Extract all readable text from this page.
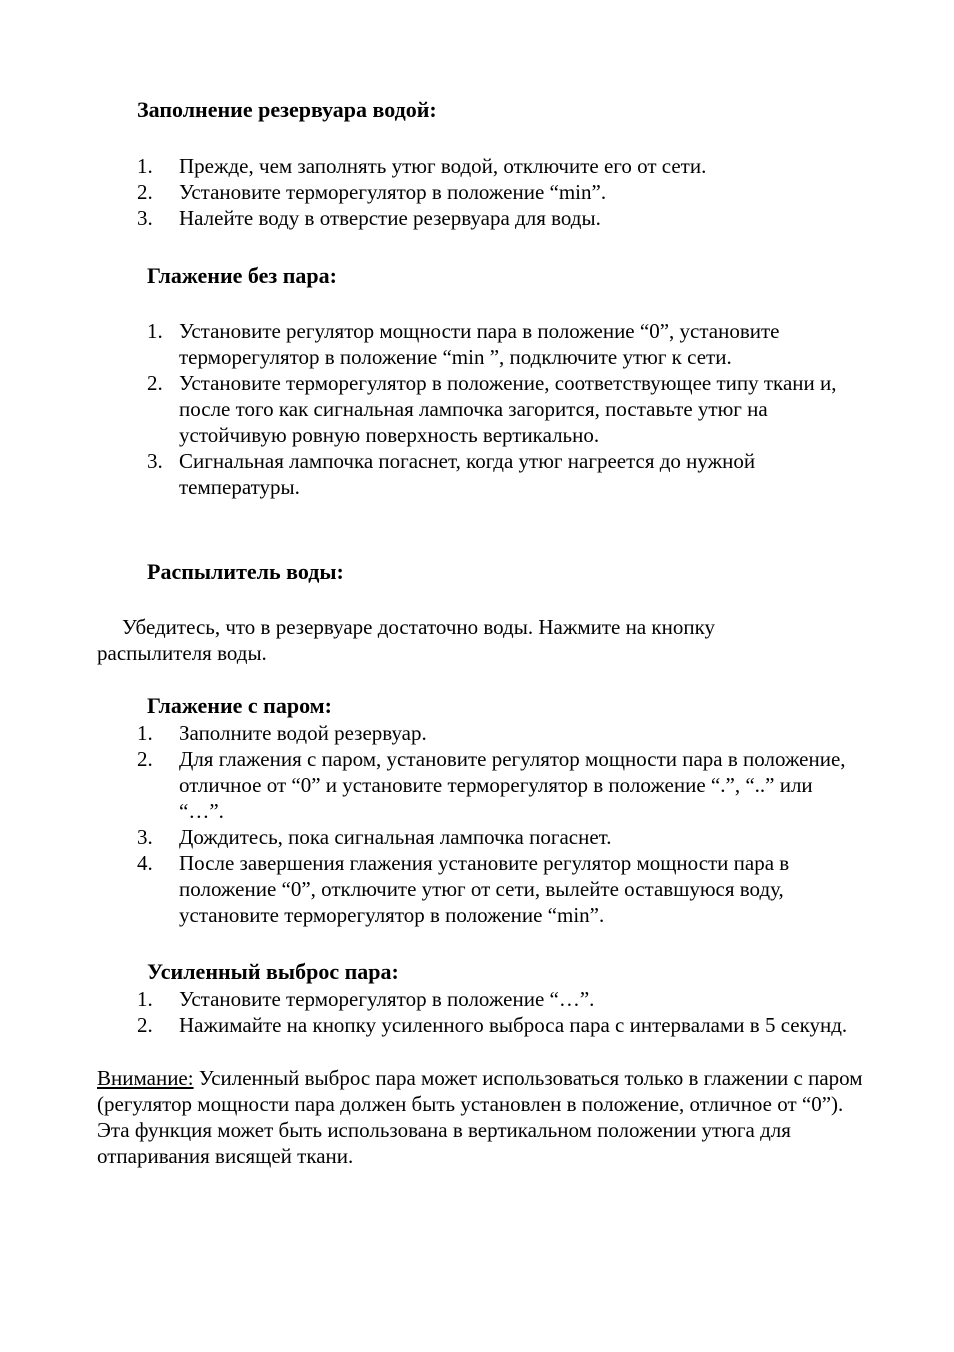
Заполнение резервуара водой:
1.	Прежде, чем заполнять утюг водой, отключите его от сети.
2.	Установите терморегулятор в положение “min”.
3.	Налейте воду в отверстие резервуара для воды.
Глажение без пара:
1. Установите регулятор мощности пара в положение “0”, установите терморегулятор в положение “min ”, подключите утюг к сети.
2. Установите терморегулятор в положение, соответствующее типу ткани и, после того как сигнальная лампочка загорится, поставьте утюг на устойчивую ровную поверхность вертикально.
3. Сигнальная лампочка погаснет, когда утюг нагреется до нужной температуры.
Распылитель воды:

Убедитесь, что в резервуаре достаточно воды. Нажмите на кнопку распылителя воды.

Глажение с паром:
1.	Заполните водой резервуар.
2.	Для глажения с паром, установите регулятор мощности пара в положение, отличное от “0” и установите терморегулятор в положение “.”, “..” или “…”.
3.	Дождитесь, пока сигнальная лампочка погаснет.
4.	После завершения глажения установите регулятор мощности пара в положение “0”, отключите утюг от сети, вылейте оставшуюся воду, установите терморегулятор в положение “min”.
Усиленный выброс пара:
1.	Установите терморегулятор в положение “…”.
2.	Нажимайте на кнопку усиленного выброса пара с интервалами в 5 секунд.

Внимание: Усиленный выброс пара может использоваться только в глажении с паром (регулятор мощности пара должен быть установлен в положение, отличное от “0”). Эта функция может быть использована в вертикальном положении утюга для отпаривания висящей ткани.
